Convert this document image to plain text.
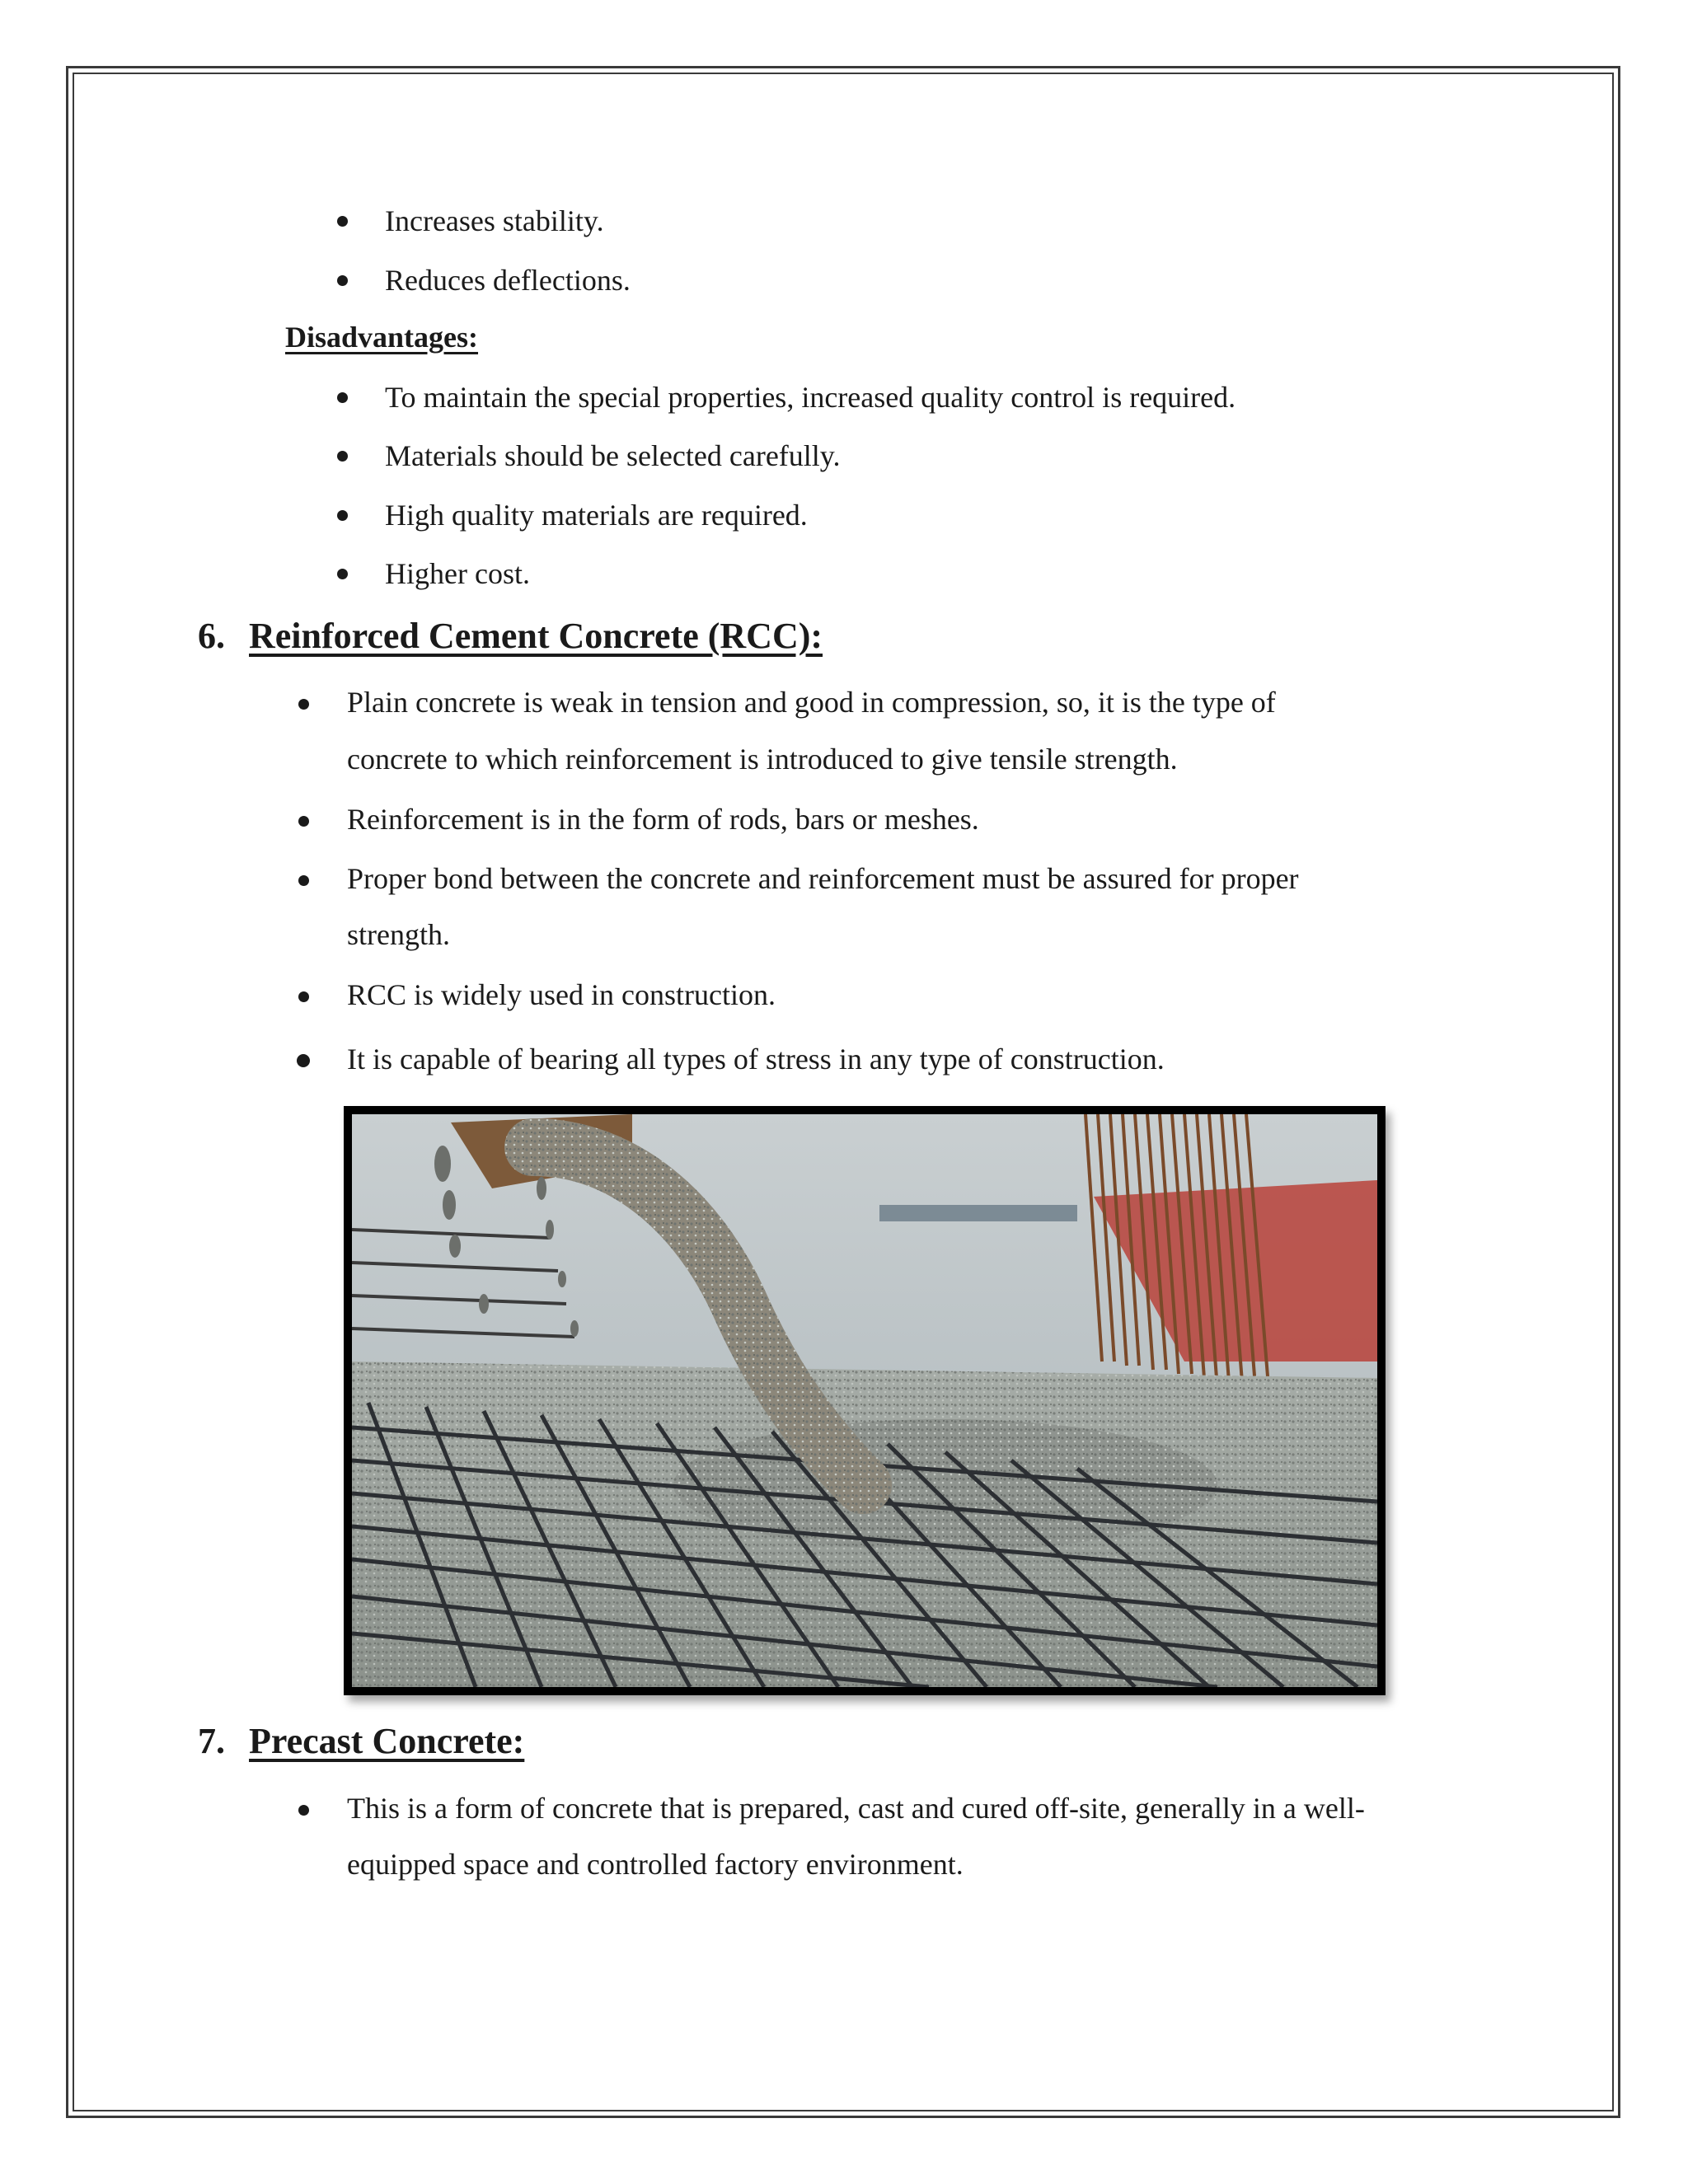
Increases stability.
Reduces deflections.
Disadvantages:
To maintain the special properties, increased quality control is required.
Materials should be selected carefully.
High quality materials are required.
Higher cost.
6. Reinforced Cement Concrete (RCC):
Plain concrete is weak in tension and good in compression, so, it is the type of
concrete to which reinforcement is introduced to give tensile strength.
Reinforcement is in the form of rods, bars or meshes.
Proper bond between the concrete and reinforcement must be assured for proper
strength.
RCC is widely used in construction.
It is capable of bearing all types of stress in any type of construction.
7. Precast Concrete:
This is a form of concrete that is prepared, cast and cured off-site, generally in a well-
equipped space and controlled factory environment.
